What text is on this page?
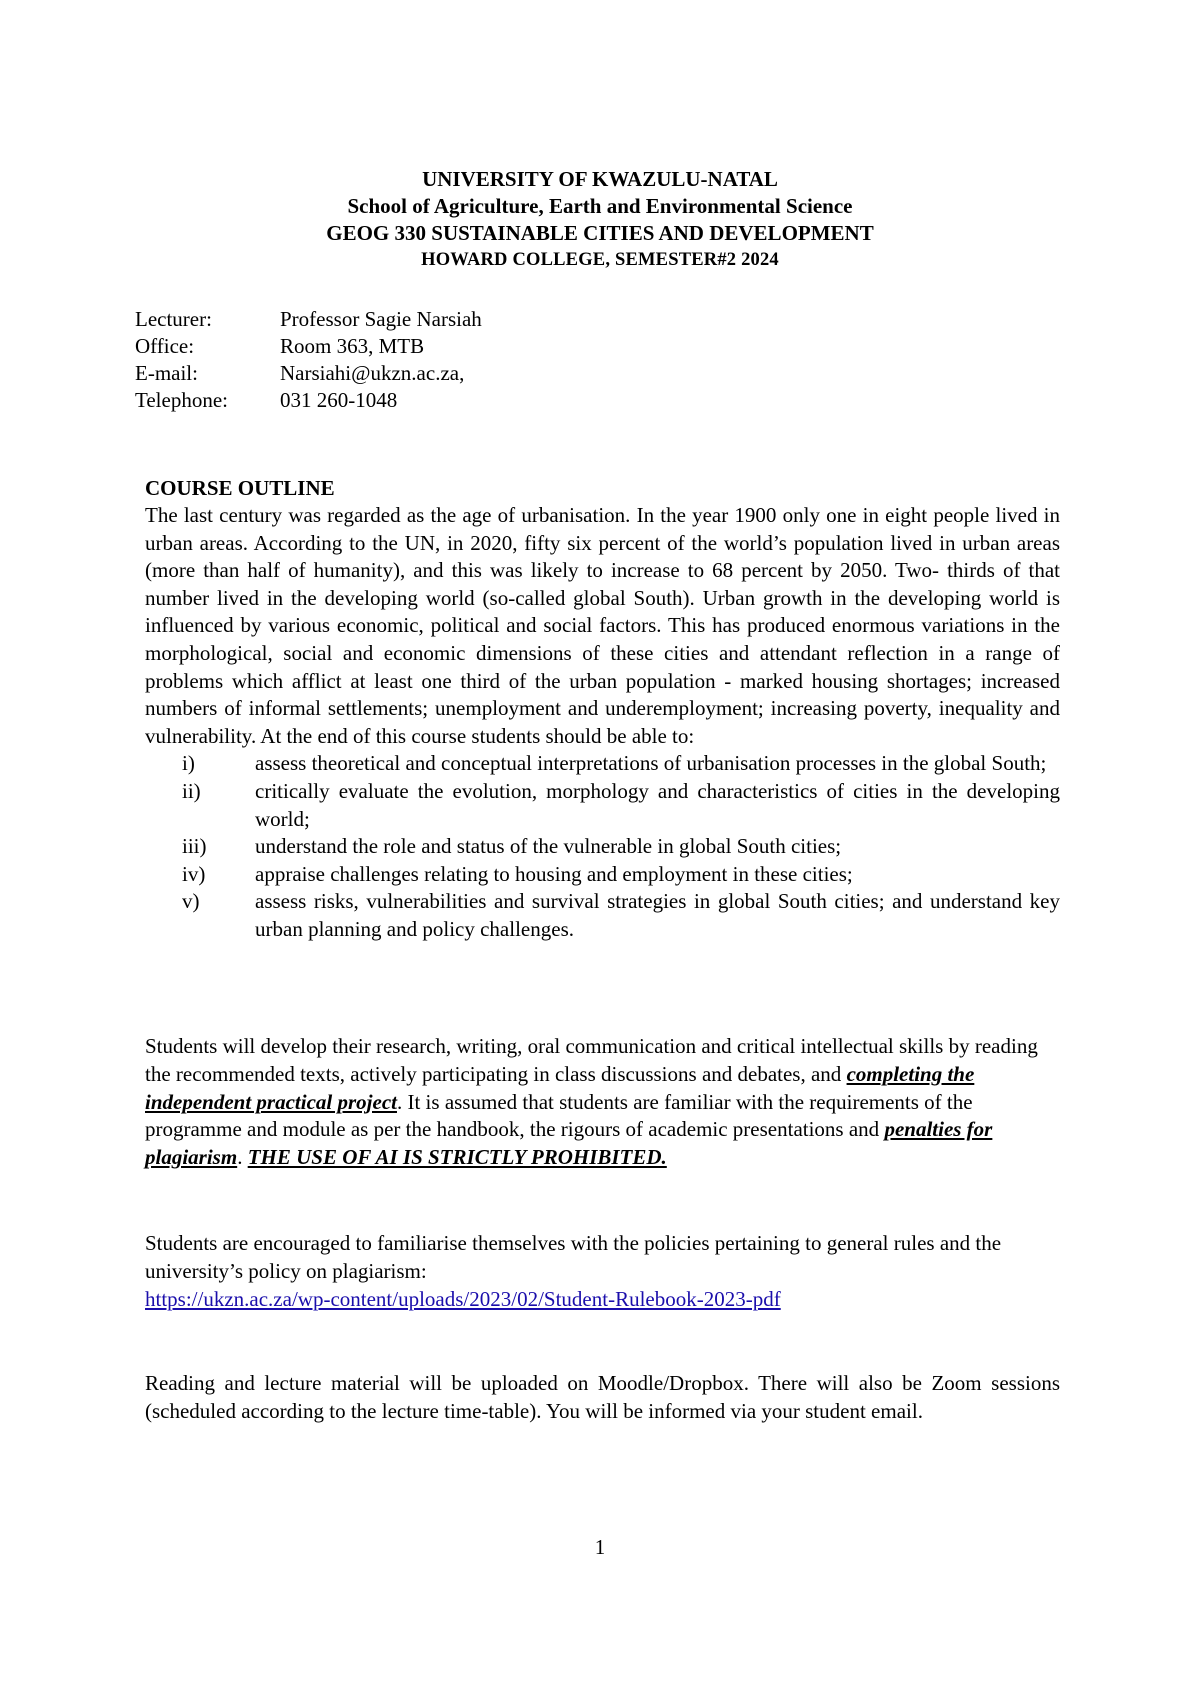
UNIVERSITY OF KWAZULU-NATAL
School of Agriculture, Earth and Environmental Science
GEOG 330 SUSTAINABLE CITIES AND DEVELOPMENT
HOWARD COLLEGE, SEMESTER#2 2024
Lecturer:	Professor Sagie Narsiah
Office:	Room 363, MTB
E-mail:	Narsiahi@ukzn.ac.za,
Telephone:	031 260-1048
COURSE OUTLINE
The last century was regarded as the age of urbanisation. In the year 1900 only one in eight people lived in urban areas. According to the UN, in 2020, fifty six percent of the world’s population lived in urban areas (more than half of humanity), and this was likely to increase to 68 percent by 2050. Two- thirds of that number lived in the developing world (so-called global South). Urban growth in the developing world is influenced by various economic, political and social factors. This has produced enormous variations in the morphological, social and economic dimensions of these cities and attendant reflection in a range of problems which afflict at least one third of the urban population - marked housing shortages; increased numbers of informal settlements; unemployment and underemployment; increasing poverty, inequality and vulnerability. At the end of this course students should be able to:
i)	assess theoretical and conceptual interpretations of urbanisation processes in the global South;
ii)	critically evaluate the evolution, morphology and characteristics of cities in the developing world;
iii)	understand the role and status of the vulnerable in global South cities;
iv)	appraise challenges relating to housing and employment in these cities;
v)	assess risks, vulnerabilities and survival strategies in global South cities; and understand key urban planning and policy challenges.
Students will develop their research, writing, oral communication and critical intellectual skills by reading the recommended texts, actively participating in class discussions and debates, and completing the independent practical project. It is assumed that students are familiar with the requirements of the programme and module as per the handbook, the rigours of academic presentations and penalties for plagiarism. THE USE OF AI IS STRICTLY PROHIBITED.
Students are encouraged to familiarise themselves with the policies pertaining to general rules and the university’s policy on plagiarism:
https://ukzn.ac.za/wp-content/uploads/2023/02/Student-Rulebook-2023-pdf
Reading and lecture material will be uploaded on Moodle/Dropbox. There will also be Zoom sessions (scheduled according to the lecture time-table). You will be informed via your student email.
1
